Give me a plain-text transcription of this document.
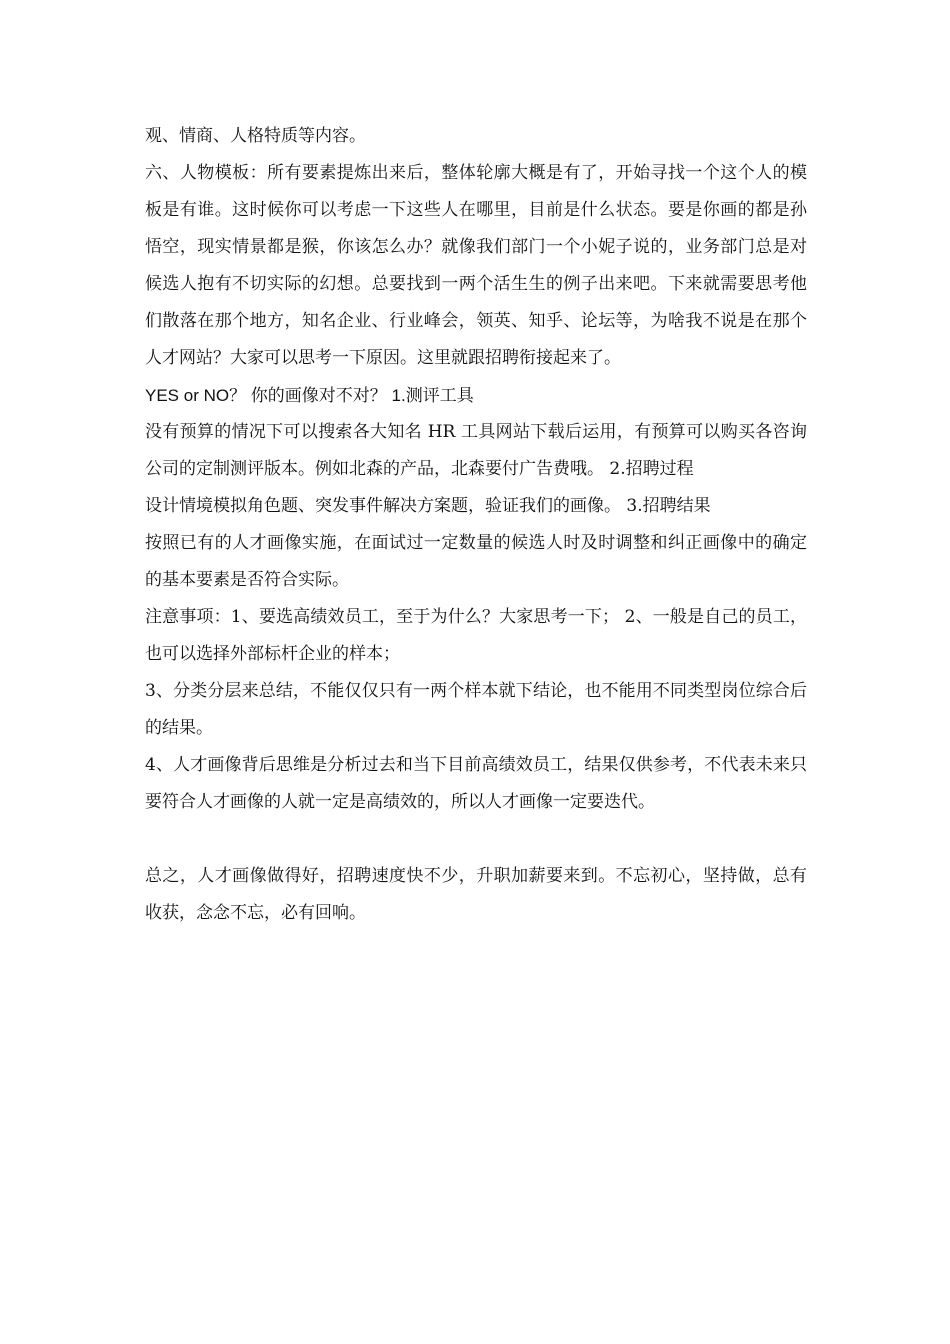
观、情商、人格特质等内容。

六、人物模板：所有要素提炼出来后，整体轮廓大概是有了，开始寻找一个这个人的模板是有谁。这时候你可以考虑一下这些人在哪里，目前是什么状态。要是你画的都是孙悟空，现实情景都是猴，你该怎么办？就像我们部门一个小妮子说的，业务部门总是对候选人抱有不切实际的幻想。总要找到一两个活生生的例子出来吧。下来就需要思考他们散落在那个地方，知名企业、行业峰会，领英、知乎、论坛等，为啥我不说是在那个人才网站？大家可以思考一下原因。这里就跟招聘衔接起来了。

YES or NO？ 你的画像对不对？ 1.测评工具

没有预算的情况下可以搜索各大知名 HR 工具网站下载后运用，有预算可以购买各咨询公司的定制测评版本。例如北森的产品，北森要付广告费哦。 2.招聘过程

设计情境模拟角色题、突发事件解决方案题，验证我们的画像。 3.招聘结果

按照已有的人才画像实施，在面试过一定数量的候选人时及时调整和纠正画像中的确定的基本要素是否符合实际。

注意事项：1、要选高绩效员工，至于为什么？大家思考一下； 2、一般是自己的员工，也可以选择外部标杆企业的样本；

3、分类分层来总结，不能仅仅只有一两个样本就下结论，也不能用不同类型岗位综合后的结果。

4、人才画像背后思维是分析过去和当下目前高绩效员工，结果仅供参考，不代表未来只要符合人才画像的人就一定是高绩效的，所以人才画像一定要迭代。

总之，人才画像做得好，招聘速度快不少，升职加薪要来到。不忘初心，坚持做，总有收获，念念不忘，必有回响。
